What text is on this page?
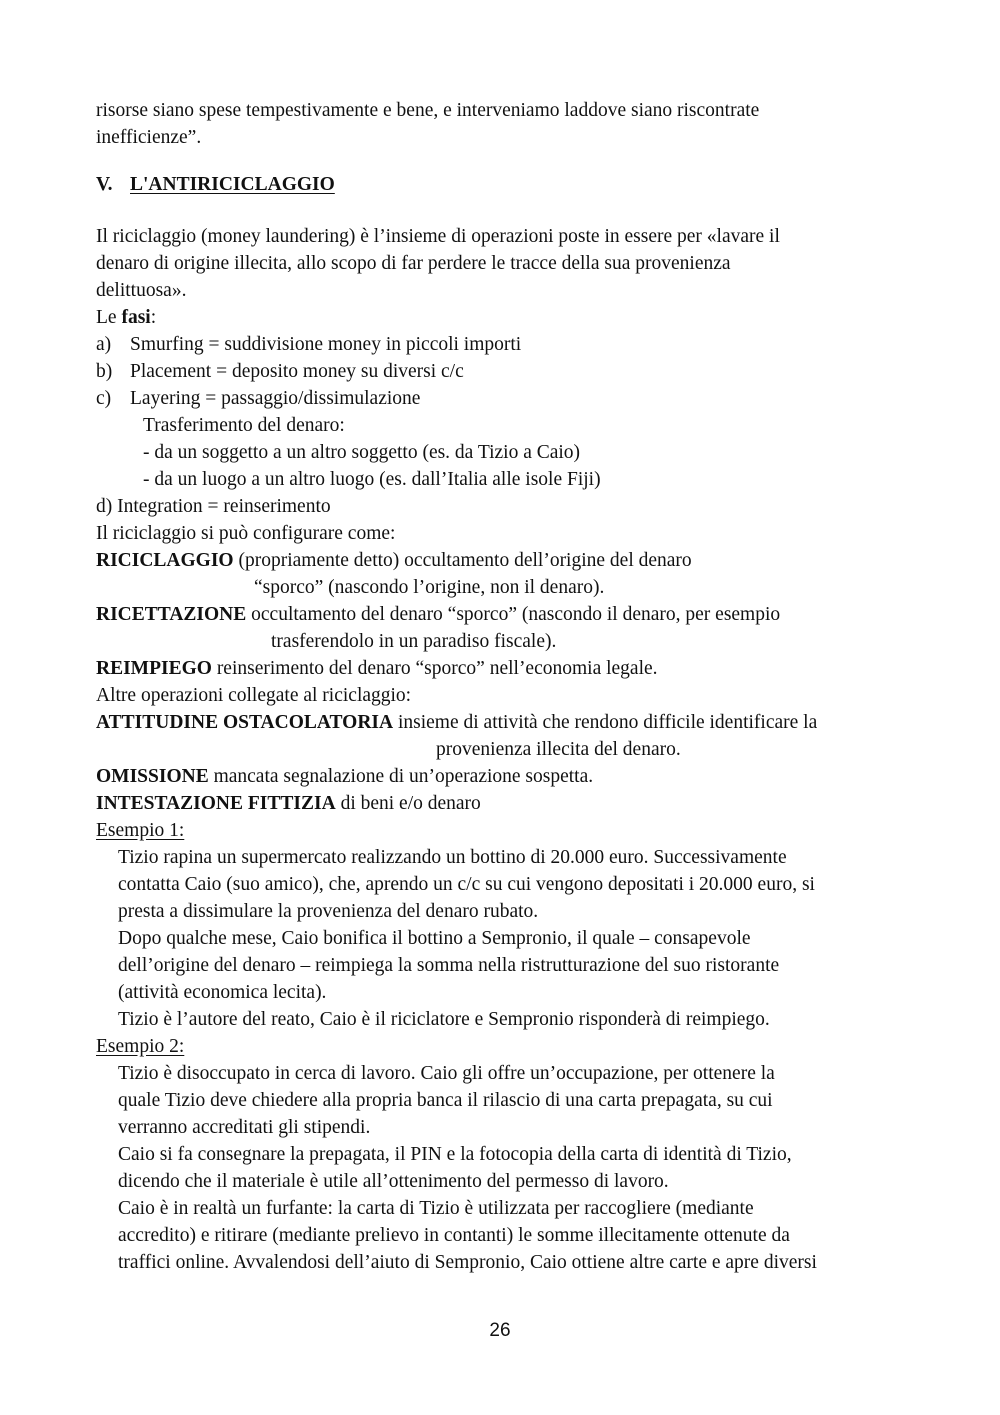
risorse siano spese tempestivamente e bene, e interveniamo laddove siano riscontrate
inefficienze”.
V. L'ANTIRICICLAGGIO
Il riciclaggio (money laundering) è l’insieme di operazioni poste in essere per «lavare il
denaro di origine illecita, allo scopo di far perdere le tracce della sua provenienza
delittuosa».
Le fasi:
a) Smurfing = suddivisione money in piccoli importi
b) Placement = deposito money su diversi c/c
c) Layering = passaggio/dissimulazione
Trasferimento del denaro:
- da un soggetto a un altro soggetto (es. da Tizio a Caio)
- da un luogo a un altro luogo (es. dall’Italia alle isole Fiji)
d) Integration = reinserimento
Il riciclaggio si può configurare come:
RICICLAGGIO (propriamente detto) occultamento dell’origine del denaro
“sporco” (nascondo l’origine, non il denaro).
RICETTAZIONE occultamento del denaro “sporco” (nascondo il denaro, per esempio
trasferendolo in un paradiso fiscale).
REIMPIEGO reinserimento del denaro “sporco” nell’economia legale.
Altre operazioni collegate al riciclaggio:
ATTITUDINE OSTACOLATORIA insieme di attività che rendono difficile identificare la
provenienza illecita del denaro.
OMISSIONE mancata segnalazione di un’operazione sospetta.
INTESTAZIONE FITTIZIA di beni e/o denaro
Esempio 1:
Tizio rapina un supermercato realizzando un bottino di 20.000 euro. Successivamente
contatta Caio (suo amico), che, aprendo un c/c su cui vengono depositati i 20.000 euro, si
presta a dissimulare la provenienza del denaro rubato.
Dopo qualche mese, Caio bonifica il bottino a Sempronio, il quale – consapevole
dell’origine del denaro – reimpiega la somma nella ristrutturazione del suo ristorante
(attività economica lecita).
Tizio è l’autore del reato, Caio è il riciclatore e Sempronio risponderà di reimpiego.
Esempio 2:
Tizio è disoccupato in cerca di lavoro. Caio gli offre un’occupazione, per ottenere la
quale Tizio deve chiedere alla propria banca il rilascio di una carta prepagata, su cui
verranno accreditati gli stipendi.
Caio si fa consegnare la prepagata, il PIN e la fotocopia della carta di identità di Tizio,
dicendo che il materiale è utile all’ottenimento del permesso di lavoro.
Caio è in realtà un furfante: la carta di Tizio è utilizzata per raccogliere (mediante
accredito) e ritirare (mediante prelievo in contanti) le somme illecitamente ottenute da
traffici online. Avvalendosi dell’aiuto di Sempronio, Caio ottiene altre carte e apre diversi
26
